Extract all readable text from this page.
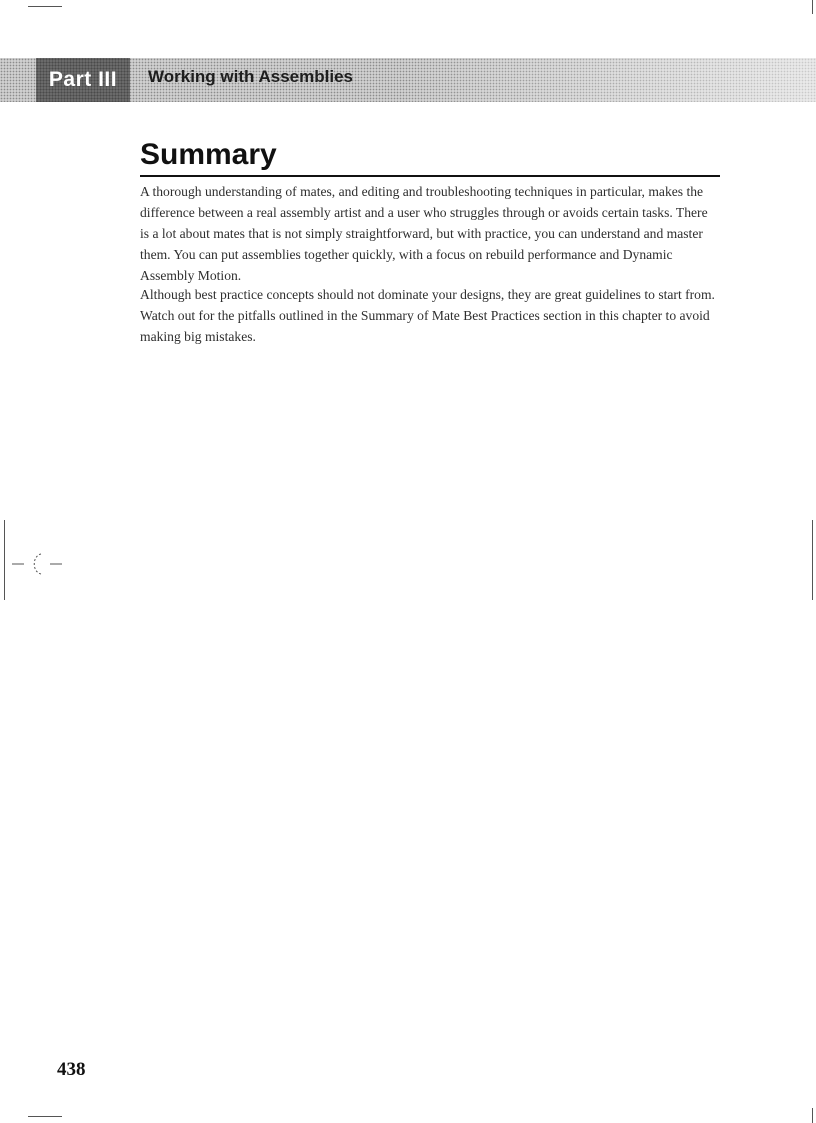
Part III Working with Assemblies
Summary

A thorough understanding of mates, and editing and troubleshooting techniques in particular, makes the difference between a real assembly artist and a user who struggles through or avoids certain tasks. There is a lot about mates that is not simply straightforward, but with practice, you can understand and master them. You can put assemblies together quickly, with a focus on rebuild performance and Dynamic Assembly Motion.

Although best practice concepts should not dominate your designs, they are great guidelines to start from. Watch out for the pitfalls outlined in the Summary of Mate Best Practices section in this chapter to avoid making big mistakes.

438
